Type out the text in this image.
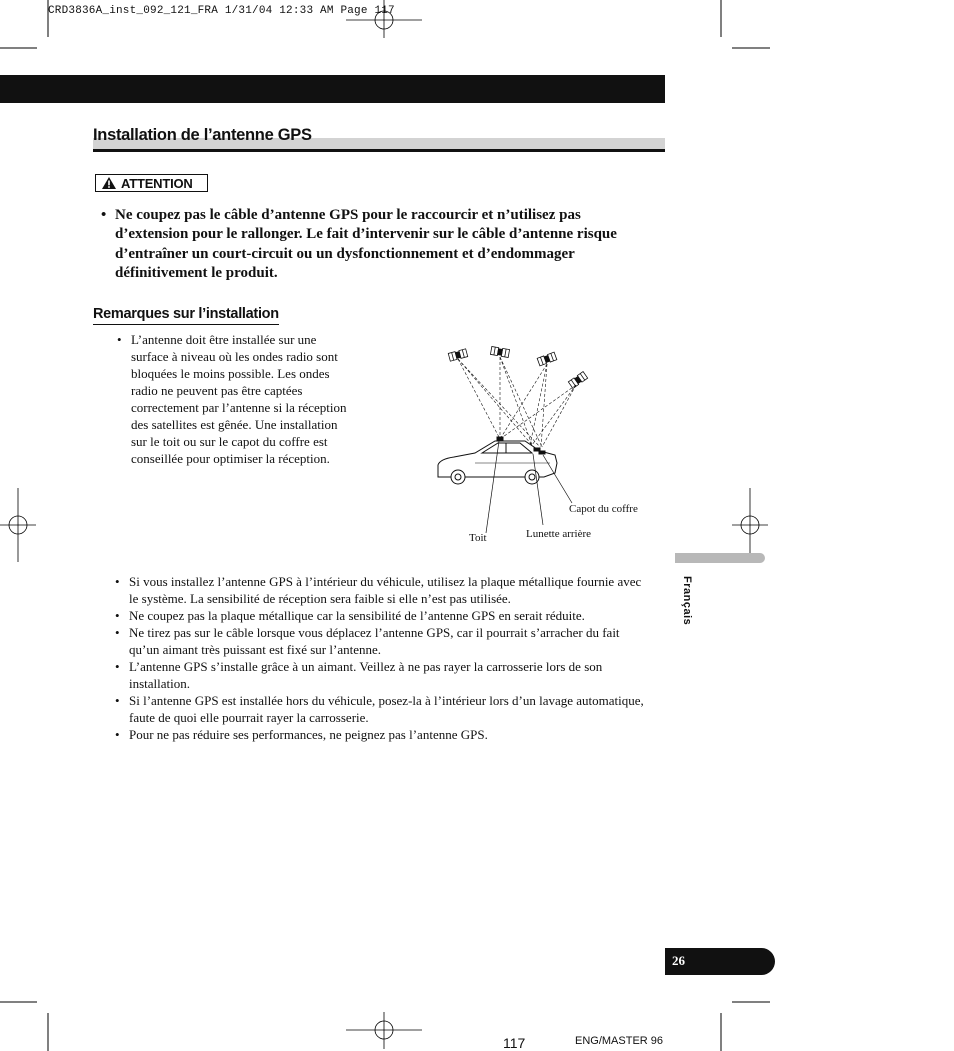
CRD3836A_inst_092_121_FRA 1/31/04 12:33 AM Page 117
Installation de l’antenne GPS
ATTENTION
• Ne coupez pas le câble d’antenne GPS pour le raccourcir et n’utilisez pas d’extension pour le rallonger. Le fait d’intervenir sur le câble d’antenne risque d’entraîner un court-circuit ou un dysfonctionnement et d’endommager définitivement le produit.
Remarques sur l’installation
• L’antenne doit être installée sur une surface à niveau où les ondes radio sont bloquées le moins possible. Les ondes radio ne peuvent pas être captées correctement par l’antenne si la réception des satellites est gênée. Une installation sur le toit ou sur le capot du coffre est conseillée pour optimiser la réception.
Capot du coffre
Toit	Lunette arrière
• Si vous installez l’antenne GPS à l’intérieur du véhicule, utilisez la plaque métallique fournie avec le système. La sensibilité de réception sera faible si elle n’est pas utilisée.
• Ne coupez pas la plaque métallique car la sensibilité de l’antenne GPS en serait réduite.
• Ne tirez pas sur le câble lorsque vous déplacez l’antenne GPS, car il pourrait s’arracher du fait qu’un aimant très puissant est fixé sur l’antenne.
• L’antenne GPS s’installe grâce à un aimant. Veillez à ne pas rayer la carrosserie lors de son installation.
• Si l’antenne GPS est installée hors du véhicule, posez-la à l’intérieur lors d’un lavage automatique, faute de quoi elle pourrait rayer la carrosserie.
• Pour ne pas réduire ses performances, ne peignez pas l’antenne GPS.
Français
26
117	ENG/MASTER 96
